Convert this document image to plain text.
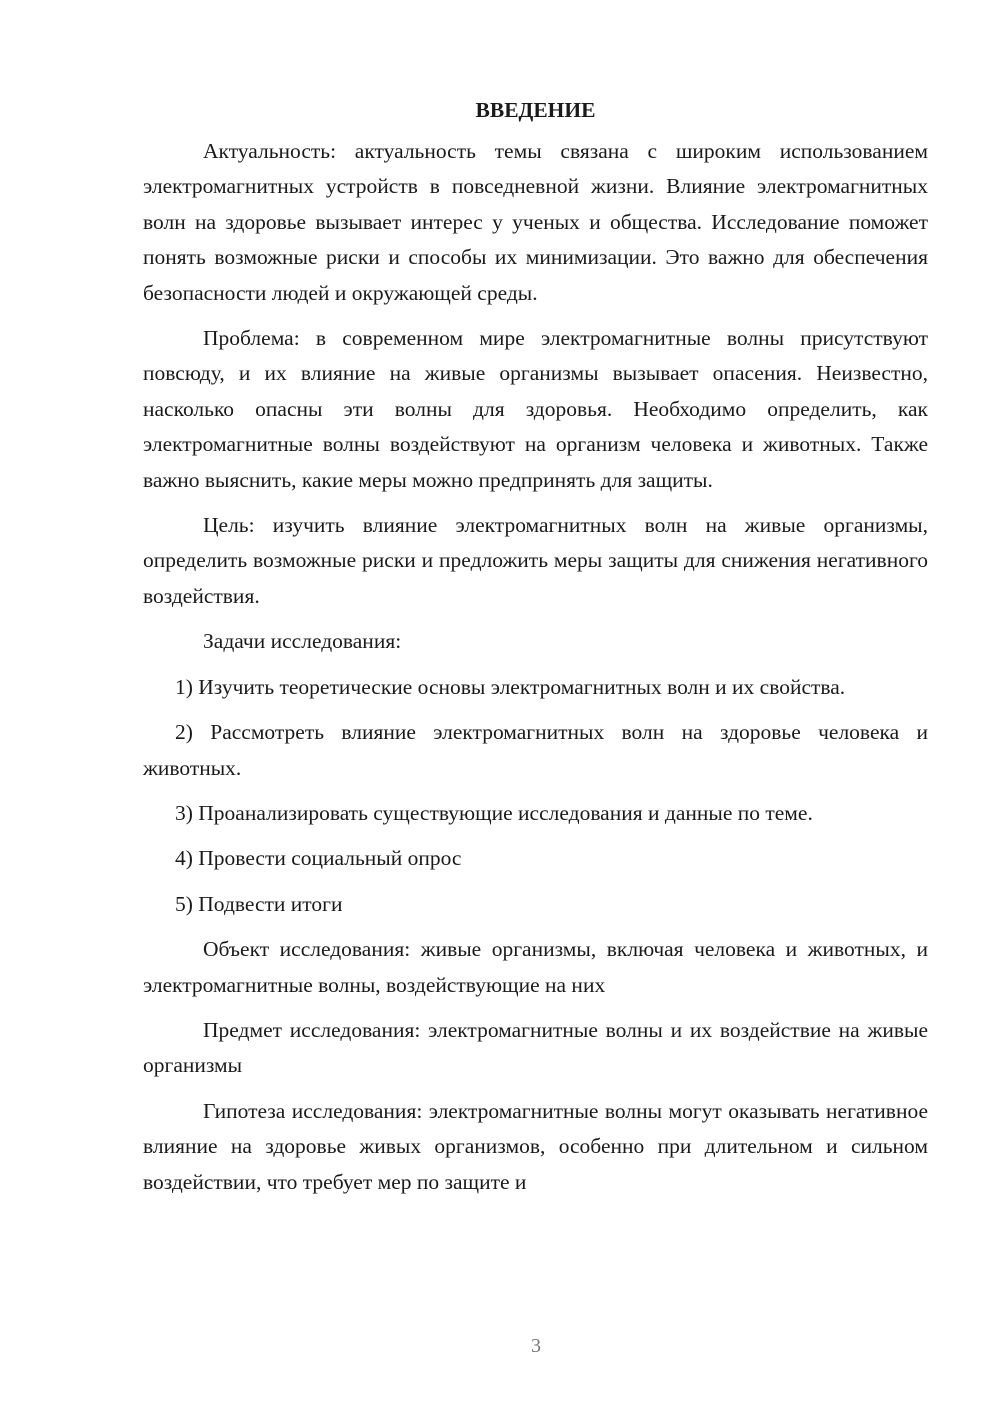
ВВЕДЕНИЕ

Актуальность: актуальность темы связана с широким использованием электромагнитных устройств в повседневной жизни. Влияние электромагнитных волн на здоровье вызывает интерес у ученых и общества. Исследование поможет понять возможные риски и способы их минимизации. Это важно для обеспечения безопасности людей и окружающей среды.

Проблема: в современном мире электромагнитные волны присутствуют повсюду, и их влияние на живые организмы вызывает опасения. Неизвестно, насколько опасны эти волны для здоровья. Необходимо определить, как электромагнитные волны воздействуют на организм человека и животных. Также важно выяснить, какие меры можно предпринять для защиты.

Цель: изучить влияние электромагнитных волн на живые организмы, определить возможные риски и предложить меры защиты для снижения негативного воздействия.

Задачи исследования:

1) Изучить теоретические основы электромагнитных волн и их свойства.

2) Рассмотреть влияние электромагнитных волн на здоровье человека и животных.

3) Проанализировать существующие исследования и данные по теме.

4) Провести социальный опрос

5) Подвести итоги

Объект исследования: живые организмы, включая человека и животных, и электромагнитные волны, воздействующие на них

Предмет исследования: электромагнитные волны и их воздействие на живые организмы

Гипотеза исследования: электромагнитные волны могут оказывать негативное влияние на здоровье живых организмов, особенно при длительном и сильном воздействии, что требует мер по защите и

3
